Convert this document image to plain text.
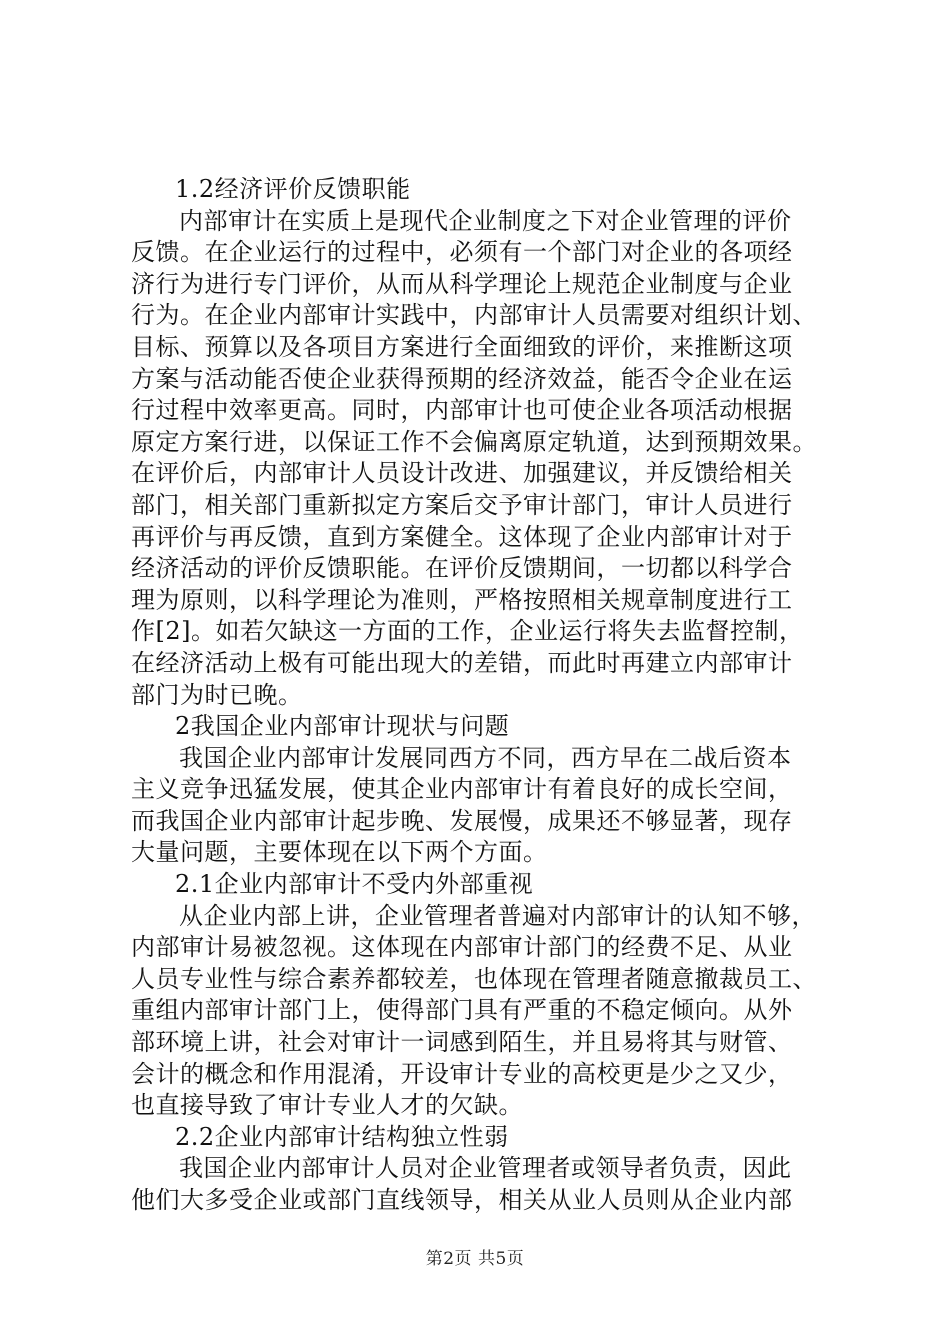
1.2经济评价反馈职能
内部审计在实质上是现代企业制度之下对企业管理的评价
反馈。在企业运行的过程中，必须有一个部门对企业的各项经
济行为进行专门评价，从而从科学理论上规范企业制度与企业
行为。在企业内部审计实践中，内部审计人员需要对组织计划、
目标、预算以及各项目方案进行全面细致的评价，来推断这项
方案与活动能否使企业获得预期的经济效益，能否令企业在运
行过程中效率更高。同时，内部审计也可使企业各项活动根据
原定方案行进，以保证工作不会偏离原定轨道，达到预期效果。
在评价后，内部审计人员设计改进、加强建议，并反馈给相关
部门，相关部门重新拟定方案后交予审计部门，审计人员进行
再评价与再反馈，直到方案健全。这体现了企业内部审计对于
经济活动的评价反馈职能。在评价反馈期间，一切都以科学合
理为原则，以科学理论为准则，严格按照相关规章制度进行工
作[2]。如若欠缺这一方面的工作，企业运行将失去监督控制，
在经济活动上极有可能出现大的差错，而此时再建立内部审计
部门为时已晚。
2我国企业内部审计现状与问题
我国企业内部审计发展同西方不同，西方早在二战后资本
主义竞争迅猛发展，使其企业内部审计有着良好的成长空间，
而我国企业内部审计起步晚、发展慢，成果还不够显著，现存
大量问题，主要体现在以下两个方面。
2.1企业内部审计不受内外部重视
从企业内部上讲，企业管理者普遍对内部审计的认知不够，
内部审计易被忽视。这体现在内部审计部门的经费不足、从业
人员专业性与综合素养都较差，也体现在管理者随意撤裁员工、
重组内部审计部门上，使得部门具有严重的不稳定倾向。从外
部环境上讲，社会对审计一词感到陌生，并且易将其与财管、
会计的概念和作用混淆，开设审计专业的高校更是少之又少，
也直接导致了审计专业人才的欠缺。
2.2企业内部审计结构独立性弱
我国企业内部审计人员对企业管理者或领导者负责，因此
他们大多受企业或部门直线领导，相关从业人员则从企业内部
第2页 共5页
